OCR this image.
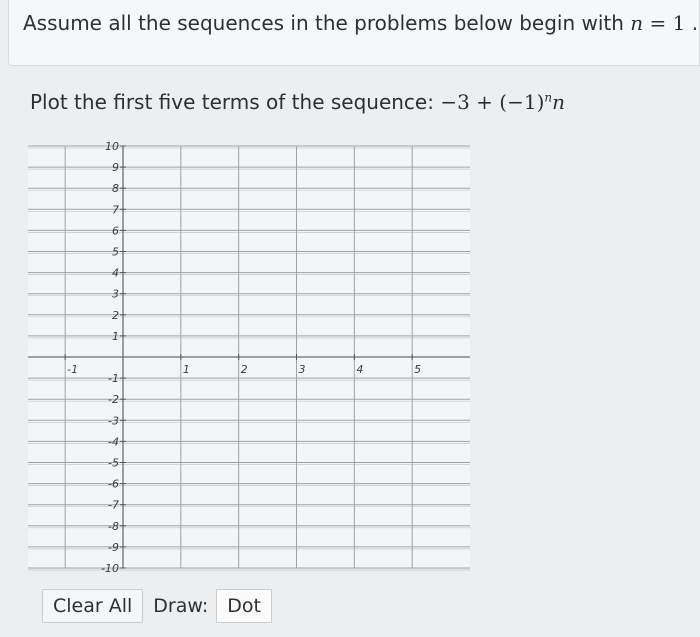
Assume all the sequences in the problems below begin with n = 1 .
Plot the first five terms of the sequence: $-3 + (-1)^nn$
-1	1	2	3	4	5
10
9
8
7
6
5
4
3
2
1
-1
-2
-3
-4
-5
-6
-7
-8
-9
-10
Clear All	Draw:	Dot
